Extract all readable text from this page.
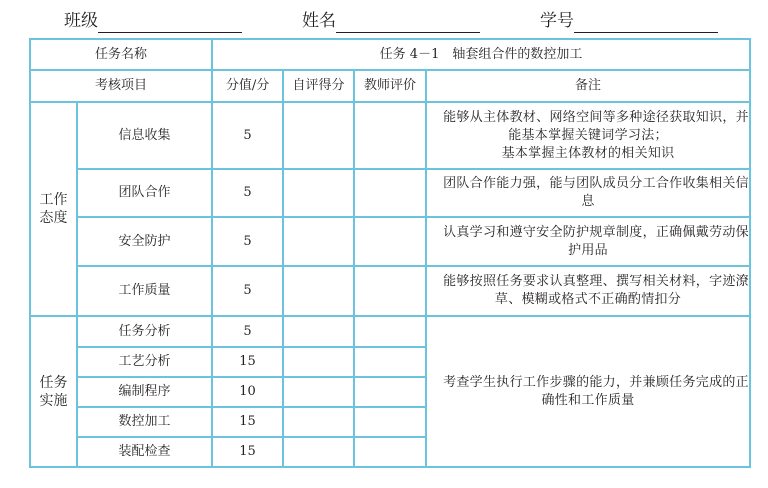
班级	姓名	学号
任务名称		任务 4－1　轴套组合件的数控加工			
考核项目		分值/分	自评得分	教师评价	备注
工作
态度	信息收集	5			能够从主体教材、网络空间等多种途径获取知识，并能基本掌握关键词学习法；
基本掌握主体教材的相关知识
	团队合作	5			团队合作能力强，能与团队成员分工合作收集相关信息
	安全防护	5			认真学习和遵守安全防护规章制度，正确佩戴劳动保护用品
	工作质量	5			能够按照任务要求认真整理、撰写相关材料，字迹潦草、模糊或格式不正确酌情扣分
任务
实施	任务分析	5			考查学生执行工作步骤的能力，并兼顾任务完成的正确性和工作质量
	工艺分析	15			
	编制程序	10			
	数控加工	15			
	装配检查	15			
